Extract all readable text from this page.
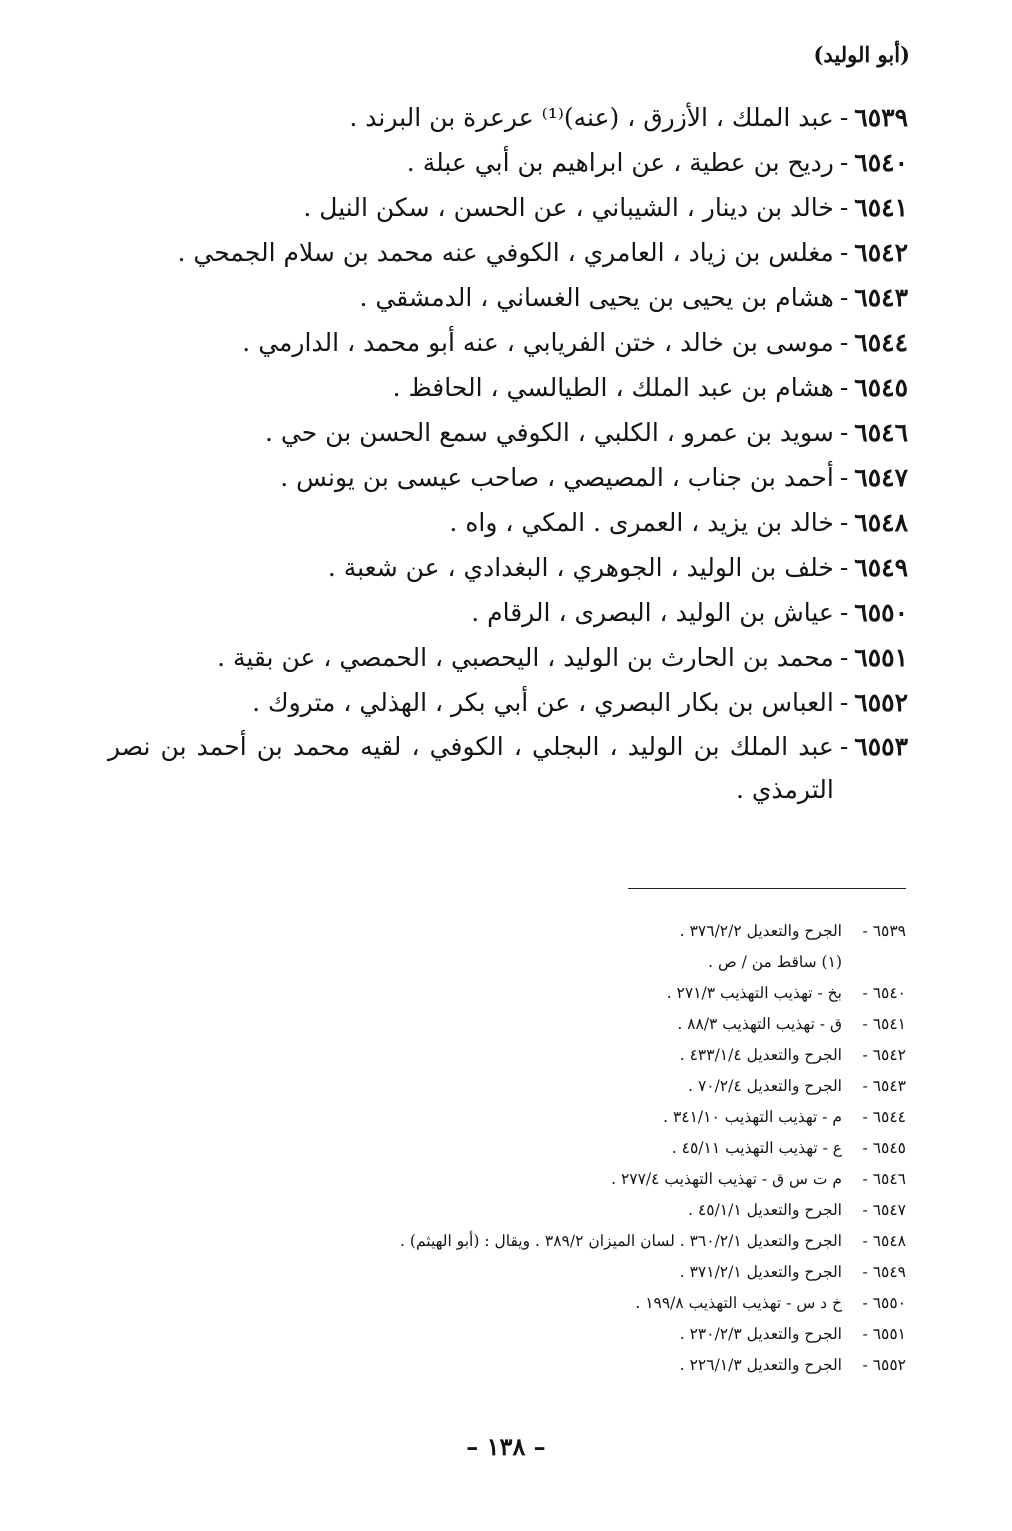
(أبو الوليد)
٦٥٣٩
-
عبد الملك ، الأزرق ، (عنه)⁽¹⁾ عرعرة بن البرند .
٦٥٤٠
-
رديح بن عطية ، عن ابراهيم بن أبي عبلة .
٦٥٤١
-
خالد بن دينار ، الشيباني ، عن الحسن ، سكن النيل .
٦٥٤٢
-
مغلس بن زياد ، العامري ، الكوفي عنه محمد بن سلام الجمحي .
٦٥٤٣
-
هشام بن يحيى بن يحيى الغساني ، الدمشقي .
٦٥٤٤
-
موسى بن خالد ، ختن الفريابي ، عنه أبو محمد ، الدارمي .
٦٥٤٥
-
هشام بن عبد الملك ، الطيالسي ، الحافظ .
٦٥٤٦
-
سويد بن عمرو ، الكلبي ، الكوفي سمع الحسن بن حي .
٦٥٤٧
-
أحمد بن جناب ، المصيصي ، صاحب عيسى بن يونس .
٦٥٤٨
-
خالد بن يزيد ، العمرى . المكي ، واه .
٦٥٤٩
-
خلف بن الوليد ، الجوهري ، البغدادي ، عن شعبة .
٦٥٥٠
-
عياش بن الوليد ، البصرى ، الرقام .
٦٥٥١
-
محمد بن الحارث بن الوليد ، اليحصبي ، الحمصي ، عن بقية .
٦٥٥٢
-
العباس بن بكار البصري ، عن أبي بكر ، الهذلي ، متروك .
٦٥٥٣
-
عبد الملك بن الوليد ، البجلي ، الكوفي ، لقيه محمد بن أحمد بن نصر الترمذي .
٦٥٣٩ -
الجرح والتعديل ٣٧٦/٢/٢ .
(١) ساقط من / ص .
٦٥٤٠ -
بخ - تهذيب التهذيب ٢٧١/٣ .
٦٥٤١ -
ق - تهذيب التهذيب ٨٨/٣ .
٦٥٤٢ -
الجرح والتعديل ٤٣٣/١/٤ .
٦٥٤٣ -
الجرح والتعديل ٧٠/٢/٤ .
٦٥٤٤ -
م - تهذيب التهذيب ٣٤١/١٠ .
٦٥٤٥ -
ع - تهذيب التهذيب ٤٥/١١ .
٦٥٤٦ -
م ت س ق - تهذيب التهذيب ٢٧٧/٤ .
٦٥٤٧ -
الجرح والتعديل ٤٥/١/١ .
٦٥٤٨ -
الجرح والتعديل ٣٦٠/٢/١ . لسان الميزان ٣٨٩/٢ . ويقال : (أبو الهيثم) .
٦٥٤٩ -
الجرح والتعديل ٣٧١/٢/١ .
٦٥٥٠ -
خ د س - تهذيب التهذيب ١٩٩/٨ .
٦٥٥١ -
الجرح والتعديل ٢٣٠/٢/٣ .
٦٥٥٢ -
الجرح والتعديل ٢٢٦/١/٣ .
– ١٣٨ –
